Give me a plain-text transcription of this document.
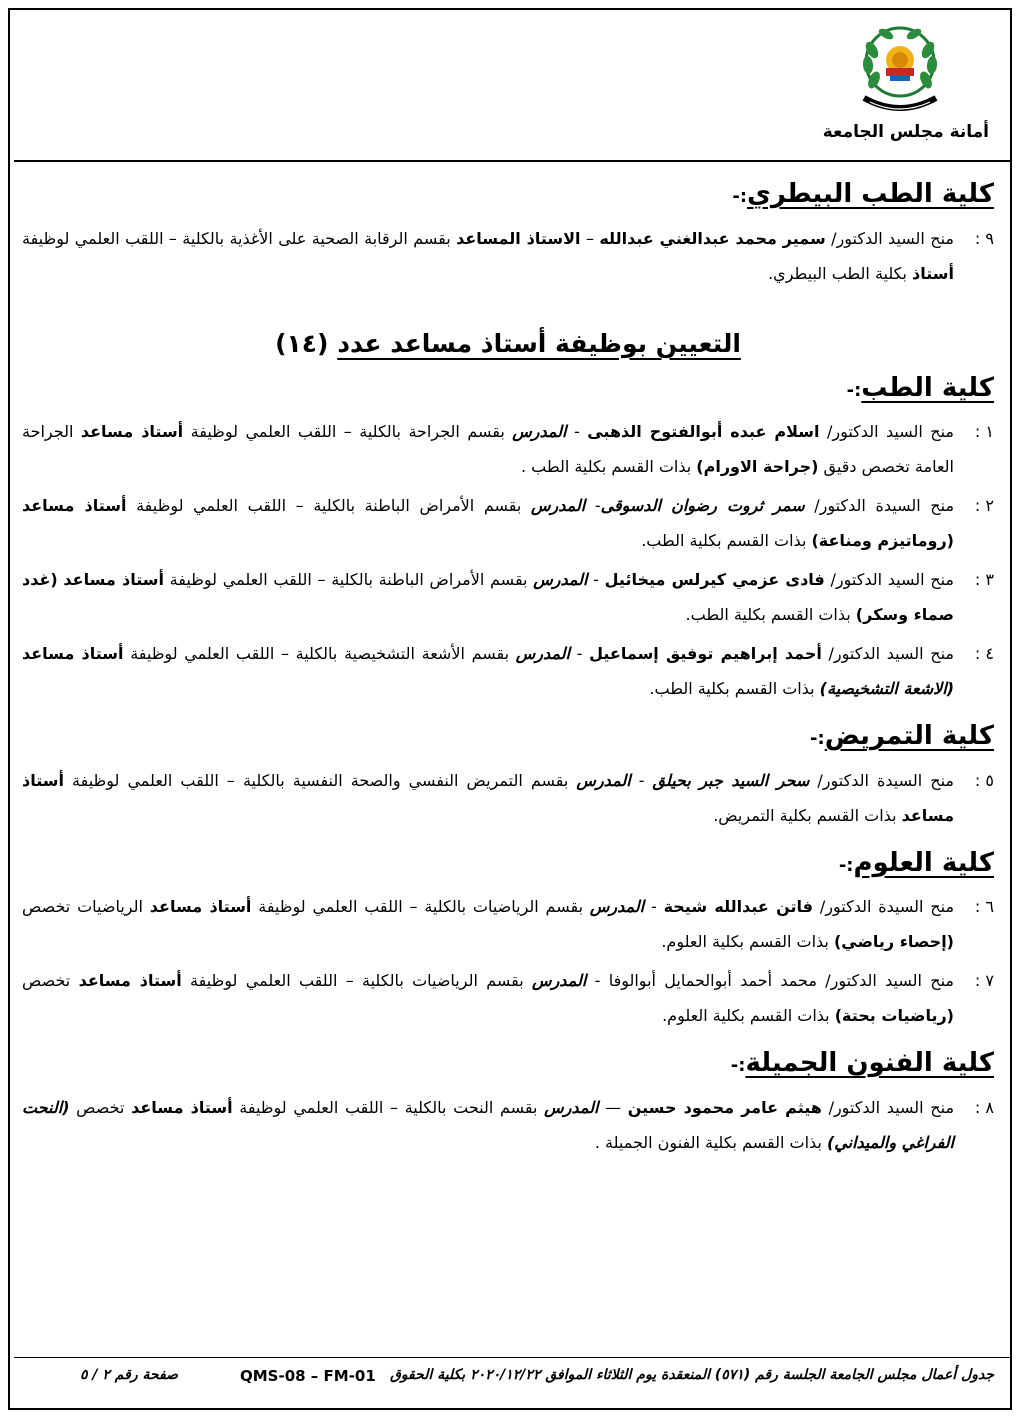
أمانة مجلس الجامعة
كلية الطب البيطري:-
٩ :
منح السيد الدكتور/ سمير محمد عبدالغني عبدالله – الاستاذ المساعد بقسم الرقابة الصحية على الأغذية بالكلية – اللقب العلمي لوظيفة أستاذ بكلية الطب البيطري.
التعيين بوظيفة أستاذ مساعد عدد (١٤)
كلية الطب:-
١ :
منح السيد الدكتور/ اسلام عبده أبوالفتوح الذهبى - المدرس بقسم الجراحة بالكلية – اللقب العلمي لوظيفة أستاذ مساعد الجراحة العامة تخصص دقيق (جراحة الاورام) بذات القسم بكلية الطب .
٢ :
منح السيدة الدكتور/ سمر ثروت رضوان الدسوقى- المدرس بقسم الأمراض الباطنة بالكلية – اللقب العلمي لوظيفة أستاذ مساعد (روماتيزم ومناعة) بذات القسم بكلية الطب.
٣ :
منح السيد الدكتور/ فادى عزمي كيرلس ميخائيل - المدرس بقسم الأمراض الباطنة بالكلية – اللقب العلمي لوظيفة أستاذ مساعد (غدد صماء وسكر) بذات القسم بكلية الطب.
٤ :
منح السيد الدكتور/ أحمد إبراهيم توفيق إسماعيل - المدرس بقسم الأشعة التشخيصية بالكلية – اللقب العلمي لوظيفة أستاذ مساعد (الاشعة التشخيصية) بذات القسم بكلية الطب.
كلية التمريض:-
٥ :
منح السيدة الدكتور/ سحر السيد جبر بحيلق - المدرس بقسم التمريض النفسي والصحة النفسية بالكلية – اللقب العلمي لوظيفة أستاذ مساعد بذات القسم بكلية التمريض.
كلية العلوم:-
٦ :
منح السيدة الدكتور/ فاتن عبدالله شيحة - المدرس بقسم الرياضيات بالكلية – اللقب العلمي لوظيفة أستاذ مساعد الرياضيات تخصص (إحصاء رياضي) بذات القسم بكلية العلوم.
٧ :
منح السيد الدكتور/ محمد أحمد أبوالحمايل أبوالوفا - المدرس بقسم الرياضيات بالكلية – اللقب العلمي لوظيفة أستاذ مساعد تخصص (رياضيات بحتة) بذات القسم بكلية العلوم.
كلية الفنون الجميلة:-
٨ :
منح السيد الدكتور/ هيثم عامر محمود حسين — المدرس بقسم النحت بالكلية – اللقب العلمي لوظيفة أستاذ مساعد تخصص (النحت الفراغي والميداني) بذات القسم بكلية الفنون الجميلة .
جدول أعمال مجلس الجامعة الجلسة رقم (٥٧١) المنعقدة يوم الثلاثاء الموافق ٢٠٢٠/١٢/٢٢ بكلية الحقوق
QMS-08 – FM-01
صفحة رقم ٢ / ٥
